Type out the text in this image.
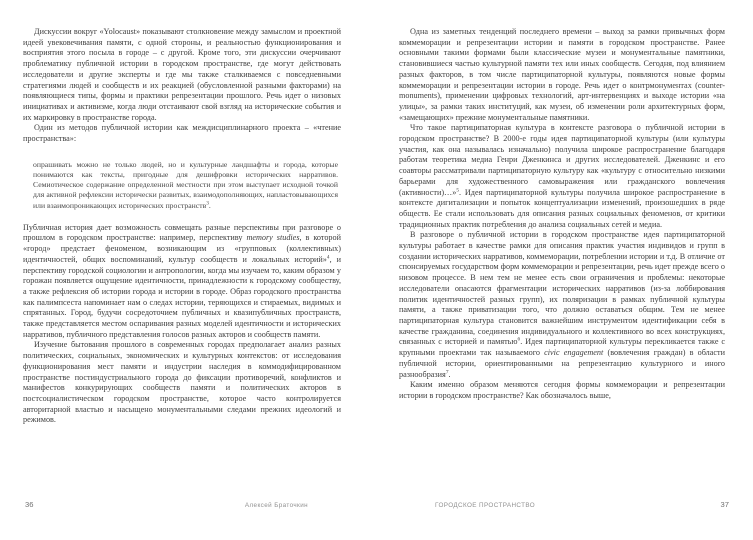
Дискуссии вокруг «Yolocaust» показывают столкновение между замыслом и проектной идеей увековечивания памяти, с одной стороны, и реальностью функционирования и восприятия этого посыла в городе – с другой. Кроме того, эти дискуссии очерчивают проблематику публичной истории в городском пространстве, где могут действовать исследователи и другие эксперты и где мы также сталкиваемся с повседневными стратегиями людей и сообществ и их реакцией (обусловленной разными факторами) на появляющиеся типы, формы и практики репрезентации прошлого. Речь идет о низовых инициативах и активизме, когда люди отстаивают свой взгляд на исторические события и их маркировку в пространстве города.
Один из методов публичной истории как междисциплинарного проекта – «чтение пространства»:
опрашивать можно не только людей, но и культурные ландшафты и города, которые понимаются как тексты, пригодные для дешифровки исторических нарративов. Семиотическое содержание определенной местности при этом выступает исходной точкой для активной рефлексии исторически развитых, взаимодополняющих, напластовывающихся или взаимопроникающих исторических пространств$^3$.
Публичная история дает возможность совмещать разные перспективы при разговоре о прошлом в городском пространстве: например, перспективу memory studies, в которой «город» предстает феноменом, возникающим из «групповых (коллективных) идентичностей, общих воспоминаний, культур сообществ и локальных историй»$^4$, и перспективу городской социологии и антропологии, когда мы изучаем то, каким образом у горожан появляется ощущение идентичности, принадлежности к городскому сообществу, а также рефлексия об истории города и истории в городе. Образ городского пространства как палимпсеста напоминает нам о следах истории, теряющихся и стираемых, видимых и спрятанных. Город, будучи сосредоточием публичных и квазипубличных пространств, также представляется местом оспаривания разных моделей идентичности и исторических нарративов, публичного представления голосов разных акторов и сообществ памяти.
Изучение бытования прошлого в современных городах предполагает анализ разных политических, социальных, экономических и культурных контекстов: от исследования функционирования мест памяти и индустрии наследия в коммодифицированном пространстве постиндустриального города до фиксации противоречий, конфликтов и манифестов конкурирующих сообществ памяти и политических акторов в постсоциалистическом городском пространстве, которое часто контролируется авторитарной властью и насыщено монументальными следами прежних идеологий и режимов.
Одна из заметных тенденций последнего времени – выход за рамки привычных форм коммеморации и репрезентации истории и памяти в городском пространстве. Ранее основными такими формами были классические музеи и монументальные памятники, становившиеся частью культурной памяти тех или иных сообществ. Сегодня, под влиянием разных факторов, в том числе партиципаторной культуры, появляются новые формы коммеморации и репрезентации истории в городе. Речь идет о контрмонументах (counter-monuments), применении цифровых технологий, арт-интервенциях и выходе истории «на улицы», за рамки таких институций, как музеи, об изменении роли архитектурных форм, «замещающих» прежние монументальные памятники.
Что такое партиципаторная культура в контексте разговора о публичной истории в городском пространстве? В 2000-е годы идея партиципаторной культуры (или культуры участия, как она называлась изначально) получила широкое распространение благодаря работам теоретика медиа Генри Дженкинса и других исследователей. Дженкинс и его соавторы рассматривали партиципаторную культуру как «культуру с относительно низкими барьерами для художественного самовыражения или гражданского вовлечения (активности)…»$^5$. Идея партиципаторной культуры получила широкое распространение в контексте дигитализации и попыток концептуализации изменений, произошедших в ряде обществ. Ее стали использовать для описания разных социальных феноменов, от критики традиционных практик потребления до анализа социальных сетей и медиа.
В разговоре о публичной истории в городском пространстве идея партиципаторной культуры работает в качестве рамки для описания практик участия индивидов и групп в создании исторических нарративов, коммеморации, потреблении истории и т.д. В отличие от спонсируемых государством форм коммеморации и репрезентации, речь идет прежде всего о низовом процессе. В нем тем не менее есть свои ограничения и проблемы: некоторые исследователи опасаются фрагментации исторических нарративов (из-за лоббирования политик идентичностей разных групп), их поляризации в рамках публичной культуры памяти, а также приватизации того, что должно оставаться общим. Тем не менее партиципаторная культура становится важнейшим инструментом идентификации себя в качестве гражданина, соединения индивидуального и коллективного во всех конструкциях, связанных с историей и памятью$^6$. Идея партиципаторной культуры перекликается также с крупными проектами так называемого civic engagement (вовлечения граждан) в области публичной истории, ориентированными на репрезентацию культурного и иного разнообразия$^7$.
Каким именно образом меняются сегодня формы коммеморации и репрезентации истории в городском пространстве? Как обозначалось выше,
36	Алексей Браточкин	ГОРОДСКОЕ ПРОСТРАНСТВО	37
